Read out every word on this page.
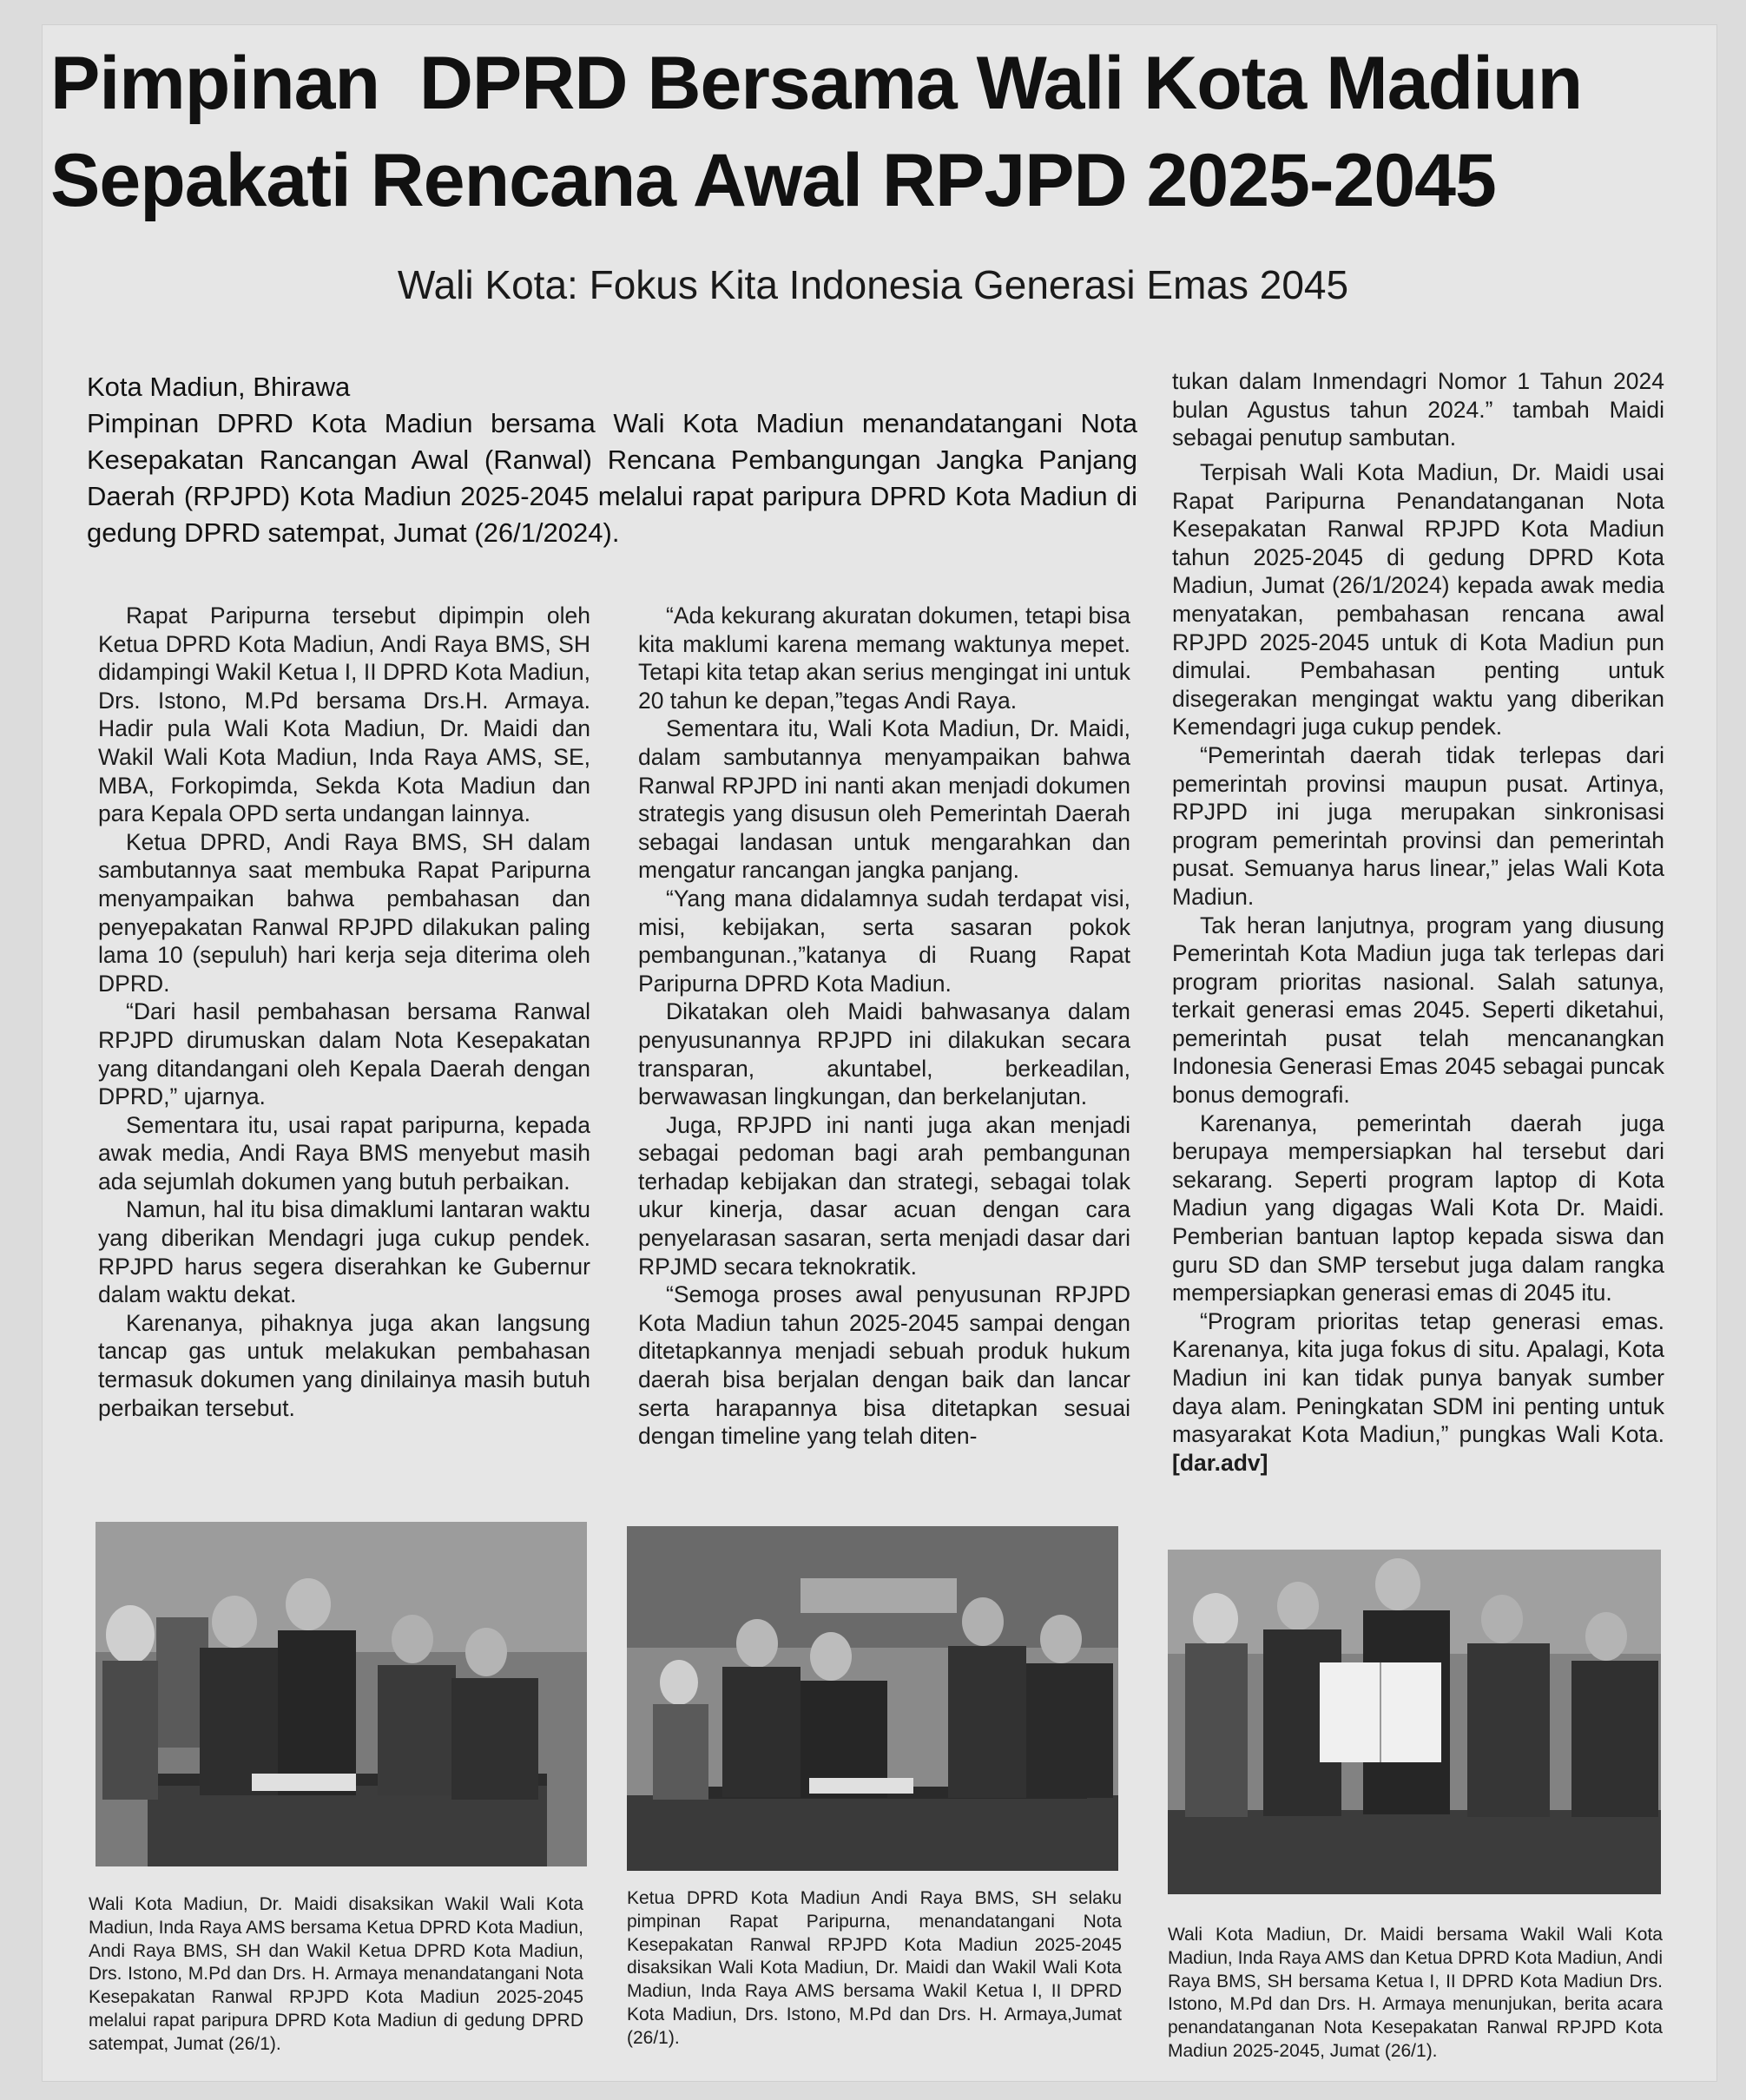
Pimpinan  DPRD Bersama Wali Kota Madiun
Sepakati Rencana Awal RPJPD 2025-2045
Wali Kota: Fokus Kita Indonesia Generasi Emas 2045

Kota Madiun, Bhirawa

Pimpinan DPRD Kota Madiun bersama Wali Kota Madiun menandatangani Nota Kesepakatan Rancangan Awal (Ranwal) Rencana Pembangungan Jangka Panjang Daerah (RPJPD) Kota Madiun 2025-2045 melalui rapat paripura DPRD Kota Madiun di gedung DPRD satempat, Jumat (26/1/2024).

Rapat Paripurna tersebut dipimpin oleh Ketua DPRD Kota Madiun, Andi Raya BMS, SH didampingi Wakil Ketua I, II DPRD Kota Madiun, Drs. Istono, M.Pd bersama Drs.H. Armaya. Hadir pula Wali Kota Madiun, Dr. Maidi dan Wakil Wali Kota Madiun, Inda Raya AMS, SE, MBA, Forkopimda, Sekda Kota Madiun dan para Kepala OPD serta undangan lainnya.

Ketua DPRD, Andi Raya BMS, SH dalam sambutannya saat membuka Rapat Paripurna menyampaikan bahwa pembahasan dan penyepakatan Ranwal RPJPD dilakukan paling lama 10 (sepuluh) hari kerja seja diterima oleh DPRD.

“Dari hasil pembahasan bersama Ranwal RPJPD dirumuskan dalam Nota Kesepakatan yang ditandangani oleh Kepala Daerah dengan DPRD,” ujarnya.

Sementara itu, usai rapat paripurna, kepada awak media, Andi Raya BMS menyebut masih ada sejumlah dokumen yang butuh perbaikan.

Namun, hal itu bisa dimaklumi lantaran waktu yang diberikan Mendagri juga cukup pendek. RPJPD harus segera diserahkan ke Gubernur dalam waktu dekat.

Karenanya, pihaknya juga akan langsung tancap gas untuk melakukan pembahasan termasuk dokumen yang dinilainya masih butuh perbaikan tersebut.

“Ada kekurang akuratan dokumen, tetapi bisa kita maklumi karena memang waktunya mepet. Tetapi kita tetap akan serius mengingat ini untuk 20 tahun ke depan,”tegas Andi Raya.

Sementara itu, Wali Kota Madiun, Dr. Maidi, dalam sambutannya menyampaikan bahwa Ranwal RPJPD ini nanti akan menjadi dokumen strategis yang disusun oleh Pemerintah Daerah sebagai landasan untuk mengarahkan dan mengatur rancangan jangka panjang.

“Yang mana didalamnya sudah terdapat visi, misi, kebijakan, serta sasaran pokok pembangunan.,”katanya di Ruang Rapat Paripurna DPRD Kota Madiun.

Dikatakan oleh Maidi bahwasanya dalam penyusunannya RPJPD ini dilakukan secara transparan, akuntabel, berkeadilan, berwawasan lingkungan, dan berkelanjutan.

Juga, RPJPD ini nanti juga akan menjadi sebagai pedoman bagi arah pembangunan terhadap kebijakan dan strategi, sebagai tolak ukur kinerja, dasar acuan dengan cara penyelarasan sasaran, serta menjadi dasar dari RPJMD secara teknokratik.

“Semoga proses awal penyusunan RPJPD Kota Madiun tahun 2025-2045 sampai dengan ditetapkannya menjadi sebuah produk hukum daerah bisa berjalan dengan baik dan lancar serta harapannya bisa ditetapkan sesuai dengan timeline yang telah diten-

tukan dalam Inmendagri Nomor 1 Tahun 2024 bulan Agustus tahun 2024.” tambah Maidi sebagai penutup sambutan.

Terpisah Wali Kota Madiun, Dr. Maidi usai Rapat Paripurna Penandatanganan Nota Kesepakatan Ranwal RPJPD Kota Madiun tahun 2025-2045 di gedung DPRD Kota Madiun, Jumat (26/1/2024) kepada awak media menyatakan, pembahasan rencana awal RPJPD 2025-2045 untuk di Kota Madiun pun dimulai. Pembahasan penting untuk disegerakan mengingat waktu yang diberikan Kemendagri juga cukup pendek.

“Pemerintah daerah tidak terlepas dari pemerintah provinsi maupun pusat. Artinya, RPJPD ini juga merupakan sinkronisasi program pemerintah provinsi dan pemerintah pusat. Semuanya harus linear,” jelas Wali Kota Madiun.

Tak heran lanjutnya, program yang diusung Pemerintah Kota Madiun juga tak terlepas dari program prioritas nasional. Salah satunya, terkait generasi emas 2045. Seperti diketahui, pemerintah pusat telah mencanangkan Indonesia Generasi Emas 2045 sebagai puncak bonus demografi.

Karenanya, pemerintah daerah juga berupaya mempersiapkan hal tersebut dari sekarang. Seperti program laptop di Kota Madiun yang digagas Wali Kota Dr. Maidi. Pemberian bantuan laptop kepada siswa dan guru SD dan SMP tersebut juga dalam rangka mempersiapkan generasi emas di 2045 itu.

“Program prioritas tetap generasi emas. Karenanya, kita juga fokus di situ. Apalagi, Kota Madiun ini kan tidak punya banyak sumber daya alam. Peningkatan SDM ini penting untuk masyarakat Kota Madiun,” pungkas Wali Kota. [dar.adv]

Wali Kota Madiun, Dr. Maidi disaksikan Wakil Wali Kota Madiun, Inda Raya AMS bersama Ketua DPRD Kota Madiun, Andi Raya BMS, SH dan Wakil Ketua DPRD Kota Madiun, Drs. Istono, M.Pd dan Drs. H. Armaya menandatangani Nota Kesepakatan Ranwal RPJPD Kota Madiun 2025-2045 melalui rapat paripura DPRD Kota Madiun di gedung DPRD satempat, Jumat (26/1).

Ketua DPRD Kota Madiun Andi Raya BMS, SH selaku pimpinan Rapat Paripurna, menandatangani Nota Kesepakatan Ranwal RPJPD Kota Madiun 2025-2045 disaksikan Wali Kota Madiun, Dr. Maidi dan Wakil Wali Kota Madiun, Inda Raya AMS bersama Wakil Ketua I, II DPRD Kota Madiun, Drs. Istono, M.Pd dan Drs. H. Armaya,Jumat (26/1).

Wali Kota Madiun, Dr. Maidi bersama Wakil Wali Kota Madiun, Inda Raya AMS dan Ketua DPRD Kota Madiun, Andi Raya BMS, SH bersama Ketua I, II DPRD Kota Madiun Drs. Istono, M.Pd dan Drs. H. Armaya menunjukan, berita acara penandatanganan Nota Kesepakatan Ranwal RPJPD Kota Madiun 2025-2045, Jumat (26/1).
